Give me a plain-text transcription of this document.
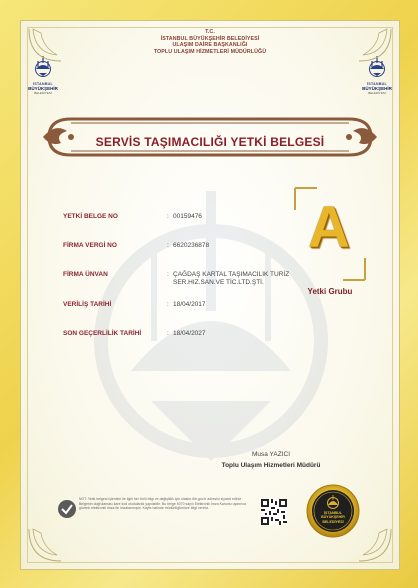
T.C.
İSTANBUL BÜYÜKŞEHİR BELEDİYESİ
ULAŞIM DAİRE BAŞKANLIĞI
TOPLU ULAŞIM HİZMETLERİ MÜDÜRLÜĞÜ
İSTANBUL
BÜYÜKŞEHİR
BELEDİYESİ
İSTANBUL
BÜYÜKŞEHİR
BELEDİYESİ
SERVİS TAŞIMACILIĞI YETKİ BELGESİ
YETKİ BELGE NO	: 00159476
FİRMA VERGİ NO	: 6620236878
FİRMA ÜNVAN	: ÇAĞDAŞ KARTAL TAŞIMACILIK TURİZ SER.HIZ.SAN.VE TİC.LTD.ŞTİ.
VERİLİŞ TARİHİ	: 18/04/2017
SON GEÇERLİLİK TARİHİ	: 18/04/2027
A
Yetki Grubu
Musa YAZICI
Toplu Ulaşım Hizmetleri Müdürü
NOT: Yetki belgesi işlemleri ile ilgili her türlü bilgi ve değişiklik için ulasim.ibb.gov.tr adresini ziyaret ediniz. Belgenin doğrulaması kare kod okutularak yapılabilir. Bu belge 5070 sayılı Elektronik İmza Kanunu uyarınca güvenli elektronik imza ile imzalanmıştır. Kaybı halinde müdürlüğümüze bilgi veriniz.
İSTANBUL
BÜYÜKŞEHİR
BELEDİYESİ
